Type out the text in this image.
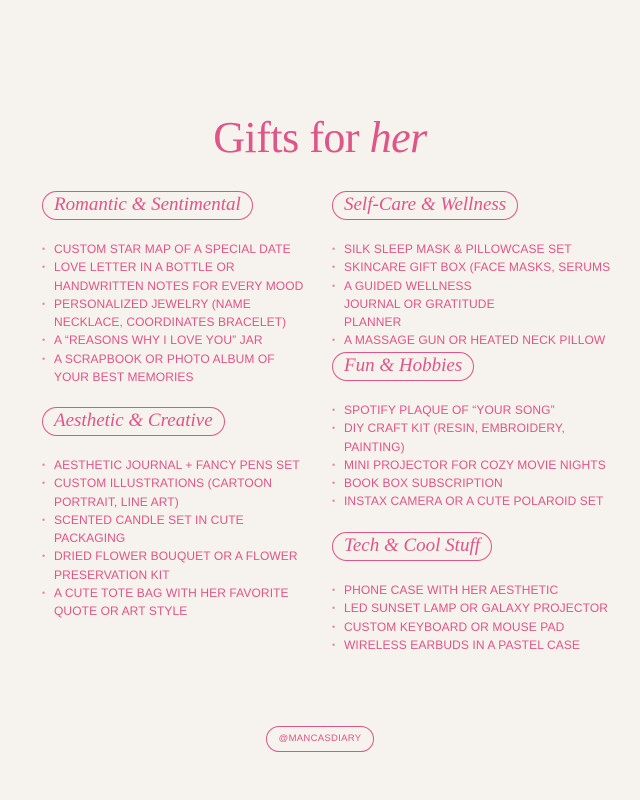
Gifts for her
Romantic & Sentimental
• CUSTOM STAR MAP OF A SPECIAL DATE
• LOVE LETTER IN A BOTTLE OR HANDWRITTEN NOTES FOR EVERY MOOD
• PERSONALIZED JEWELRY (NAME NECKLACE, COORDINATES BRACELET)
• A “REASONS WHY I LOVE YOU” JAR
• A SCRAPBOOK OR PHOTO ALBUM OF YOUR BEST MEMORIES
Aesthetic & Creative
• AESTHETIC JOURNAL + FANCY PENS SET
• CUSTOM ILLUSTRATIONS (CARTOON PORTRAIT, LINE ART)
• SCENTED CANDLE SET IN CUTE PACKAGING
• DRIED FLOWER BOUQUET OR A FLOWER PRESERVATION KIT
• A CUTE TOTE BAG WITH HER FAVORITE QUOTE OR ART STYLE
Self-Care & Wellness
• SILK SLEEP MASK & PILLOWCASE SET
• SKINCARE GIFT BOX (FACE MASKS, SERUMS
• A GUIDED WELLNESS JOURNAL OR GRATITUDE PLANNER
• A MASSAGE GUN OR HEATED NECK PILLOW
Fun & Hobbies
• SPOTIFY PLAQUE OF “YOUR SONG”
• DIY CRAFT KIT (RESIN, EMBROIDERY, PAINTING)
• MINI PROJECTOR FOR COZY MOVIE NIGHTS
• BOOK BOX SUBSCRIPTION
• INSTAX CAMERA OR A CUTE POLAROID SET
Tech & Cool Stuff
• PHONE CASE WITH HER AESTHETIC
• LED SUNSET LAMP OR GALAXY PROJECTOR
• CUSTOM KEYBOARD OR MOUSE PAD
• WIRELESS EARBUDS IN A PASTEL CASE
@MANCASDIARY
